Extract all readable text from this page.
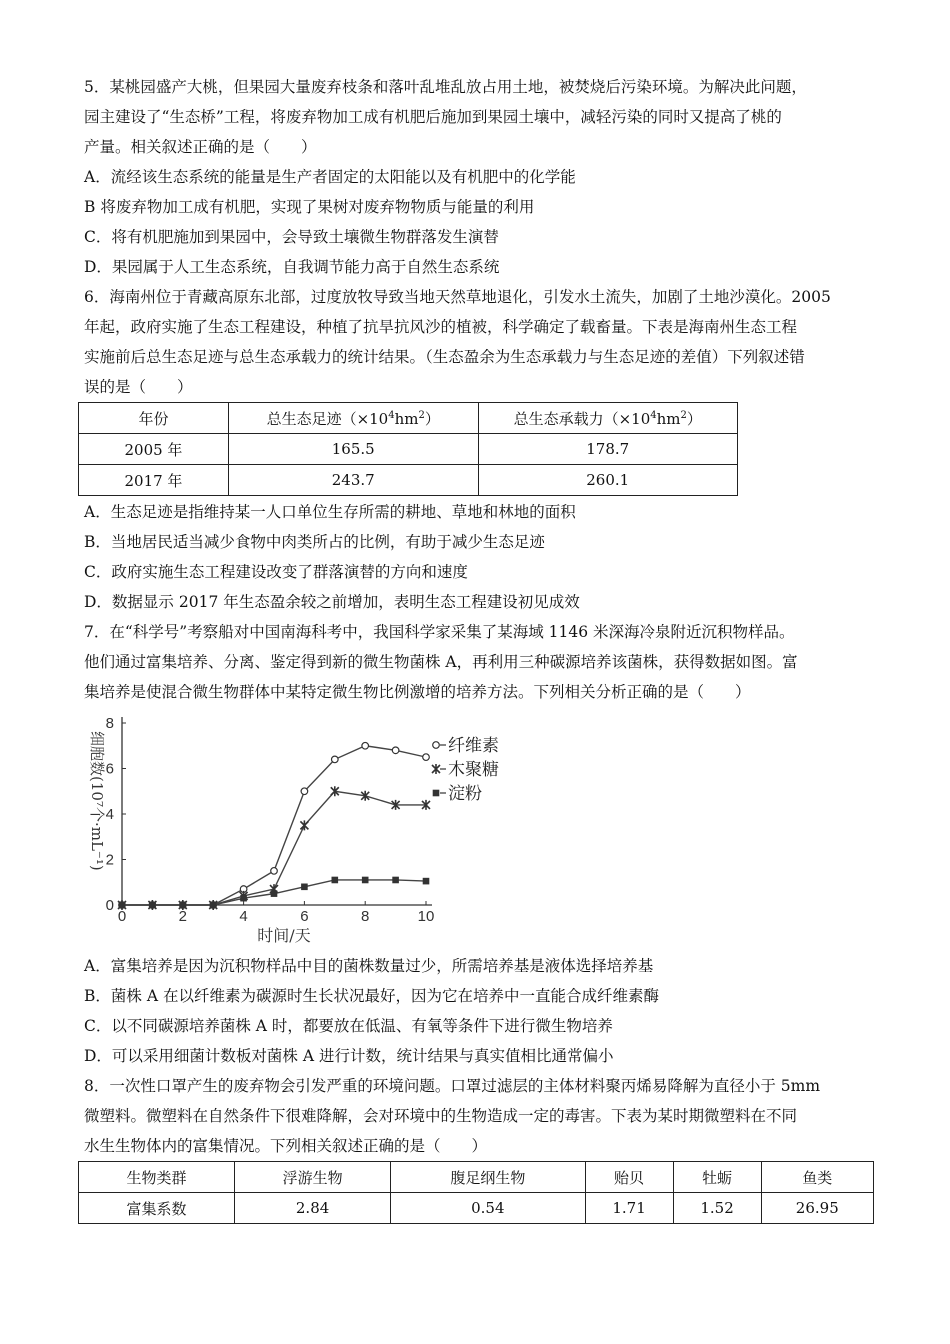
5．某桃园盛产大桃，但果园大量废弃枝条和落叶乱堆乱放占用土地，被焚烧后污染环境。为解决此问题，
园主建设了“生态桥”工程，将废弃物加工成有机肥后施加到果园土壤中，减轻污染的同时又提高了桃的
产量。相关叙述正确的是（　　）
A．流经该生态系统的能量是生产者固定的太阳能以及有机肥中的化学能
B 将废弃物加工成有机肥，实现了果树对废弃物物质与能量的利用
C．将有机肥施加到果园中，会导致土壤微生物群落发生演替
D．果园属于人工生态系统，自我调节能力高于自然生态系统
6．海南州位于青藏高原东北部，过度放牧导致当地天然草地退化，引发水土流失，加剧了土地沙漠化。2005
年起，政府实施了生态工程建设，种植了抗旱抗风沙的植被，科学确定了载畜量。下表是海南州生态工程
实施前后总生态足迹与总生态承载力的统计结果。（生态盈余为生态承载力与生态足迹的差值）下列叙述错
误的是（　　）
年份	总生态足迹$(\times 10^4hm^2)$	总生态承载力$(\times 10^4hm^2)$
2005 年	165.5	178.7
2017 年	243.7	260.1
A．生态足迹是指维持某一人口单位生存所需的耕地、草地和林地的面积
B．当地居民适当减少食物中肉类所占的比例，有助于减少生态足迹
C．政府实施生态工程建设改变了群落演替的方向和速度
D．数据显示 2017 年生态盈余较之前增加，表明生态工程建设初见成效
7．在“科学号”考察船对中国南海科考中，我国科学家采集了某海域 1146 米深海冷泉附近沉积物样品。
他们通过富集培养、分离、鉴定得到新的微生物菌株 A，再利用三种碳源培养该菌株，获得数据如图。富
集培养是使混合微生物群体中某特定微生物比例激增的培养方法。下列相关分析正确的是（　　）
0	2	4	6	8	10
0
2
4
6
8
时间/天
细胞数(10⁷个·mL⁻¹)	纤维素
木聚糖
淀粉
A．富集培养是因为沉积物样品中目的菌株数量过少，所需培养基是液体选择培养基
B．菌株 A 在以纤维素为碳源时生长状况最好，因为它在培养中一直能合成纤维素酶
C．以不同碳源培养菌株 A 时，都要放在低温、有氧等条件下进行微生物培养
D．可以采用细菌计数板对菌株 A 进行计数，统计结果与真实值相比通常偏小
8．一次性口罩产生的废弃物会引发严重的环境问题。口罩过滤层的主体材料聚丙烯易降解为直径小于 5mm
微塑料。微塑料在自然条件下很难降解，会对环境中的生物造成一定的毒害。下表为某时期微塑料在不同
水生生物体内的富集情况。下列相关叙述正确的是（　　）
生物类群	浮游生物	腹足纲生物	贻贝	牡蛎	鱼类
富集系数	2.84	0.54	1.71	1.52	26.95
